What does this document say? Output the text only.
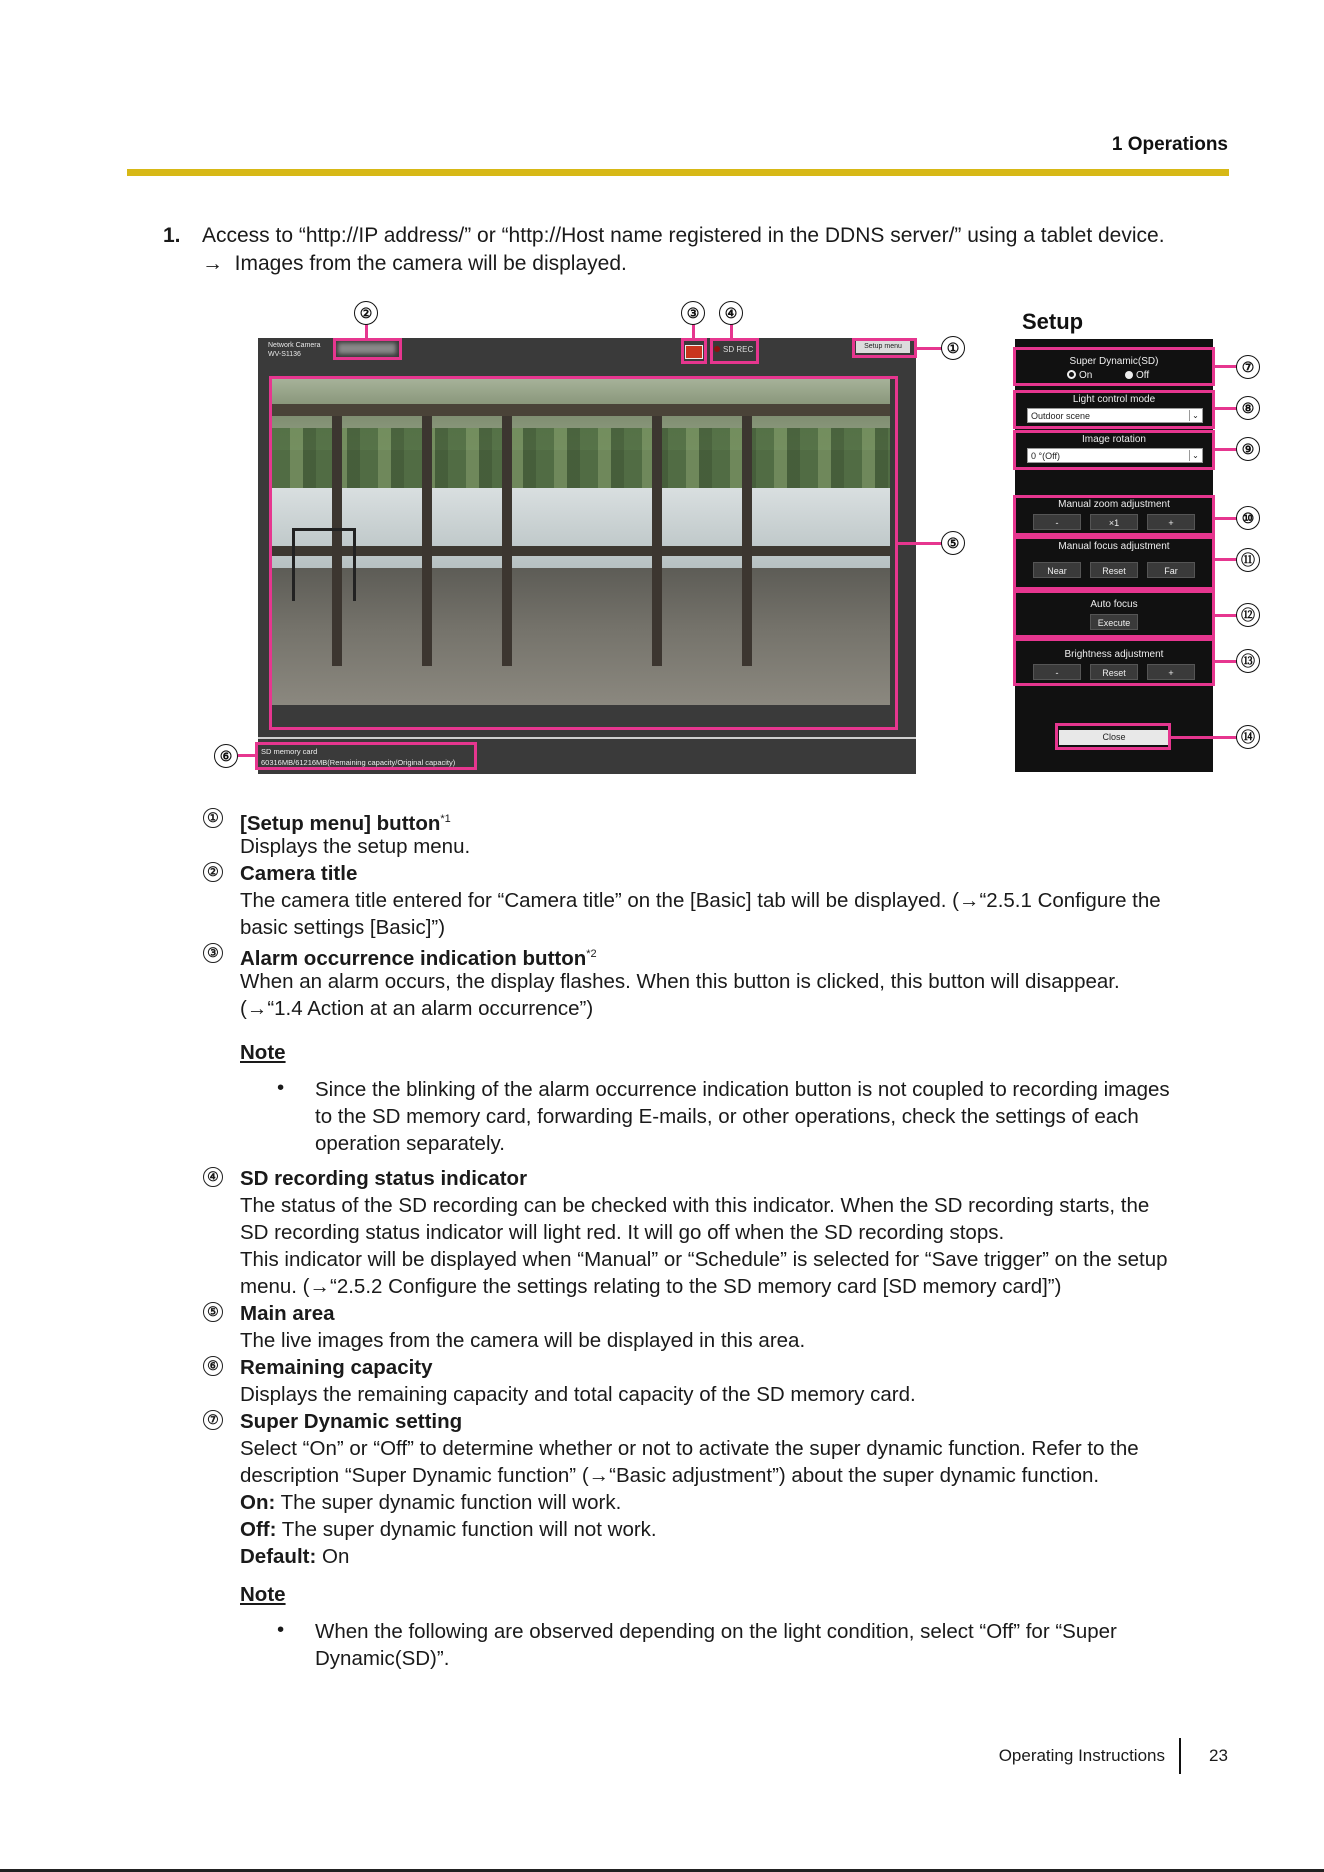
1 Operations
1. Access to “http://IP address/” or “http://Host name registered in the DDNS server/” using a tablet device.
→ Images from the camera will be displayed.
Network Camera
WV-S1136
SD REC	Setup menu
SD memory card
60316MB/61216MB(Remaining capacity/Original capacity)
②	③	④
①
⑤
⑥
Setup
Super Dynamic(SD)
On	Off
Light control mode
Outdoor scene	⌄
Image rotation
0 °(Off)	⌄
Manual zoom adjustment
-	×1	+
Manual focus adjustment
Near	Reset	Far
Auto focus
Execute
Brightness adjustment
-	Reset	+
Close
⑦
⑧
⑨
⑩
⑪
⑫
⑬
⑭
① [Setup menu] button$^{*1}$
Displays the setup menu.
② Camera title
The camera title entered for “Camera title” on the [Basic] tab will be displayed. (→“2.5.1 Configure the
basic settings [Basic]”)
③ Alarm occurrence indication button$^{*2}$
When an alarm occurs, the display flashes. When this button is clicked, this button will disappear.
(→“1.4 Action at an alarm occurrence”)
Note
• Since the blinking of the alarm occurrence indication button is not coupled to recording images
to the SD memory card, forwarding E-mails, or other operations, check the settings of each
operation separately.
④ SD recording status indicator
The status of the SD recording can be checked with this indicator. When the SD recording starts, the
SD recording status indicator will light red. It will go off when the SD recording stops.
This indicator will be displayed when “Manual” or “Schedule” is selected for “Save trigger” on the setup
menu. (→“2.5.2 Configure the settings relating to the SD memory card [SD memory card]”)
⑤ Main area
The live images from the camera will be displayed in this area.
⑥ Remaining capacity
Displays the remaining capacity and total capacity of the SD memory card.
⑦ Super Dynamic setting
Select “On” or “Off” to determine whether or not to activate the super dynamic function. Refer to the
description “Super Dynamic function” (→“Basic adjustment”) about the super dynamic function.
On: The super dynamic function will work.
Off: The super dynamic function will not work.
Default: On
Note
• When the following are observed depending on the light condition, select “Off” for “Super
Dynamic(SD)”.
Operating Instructions	23
